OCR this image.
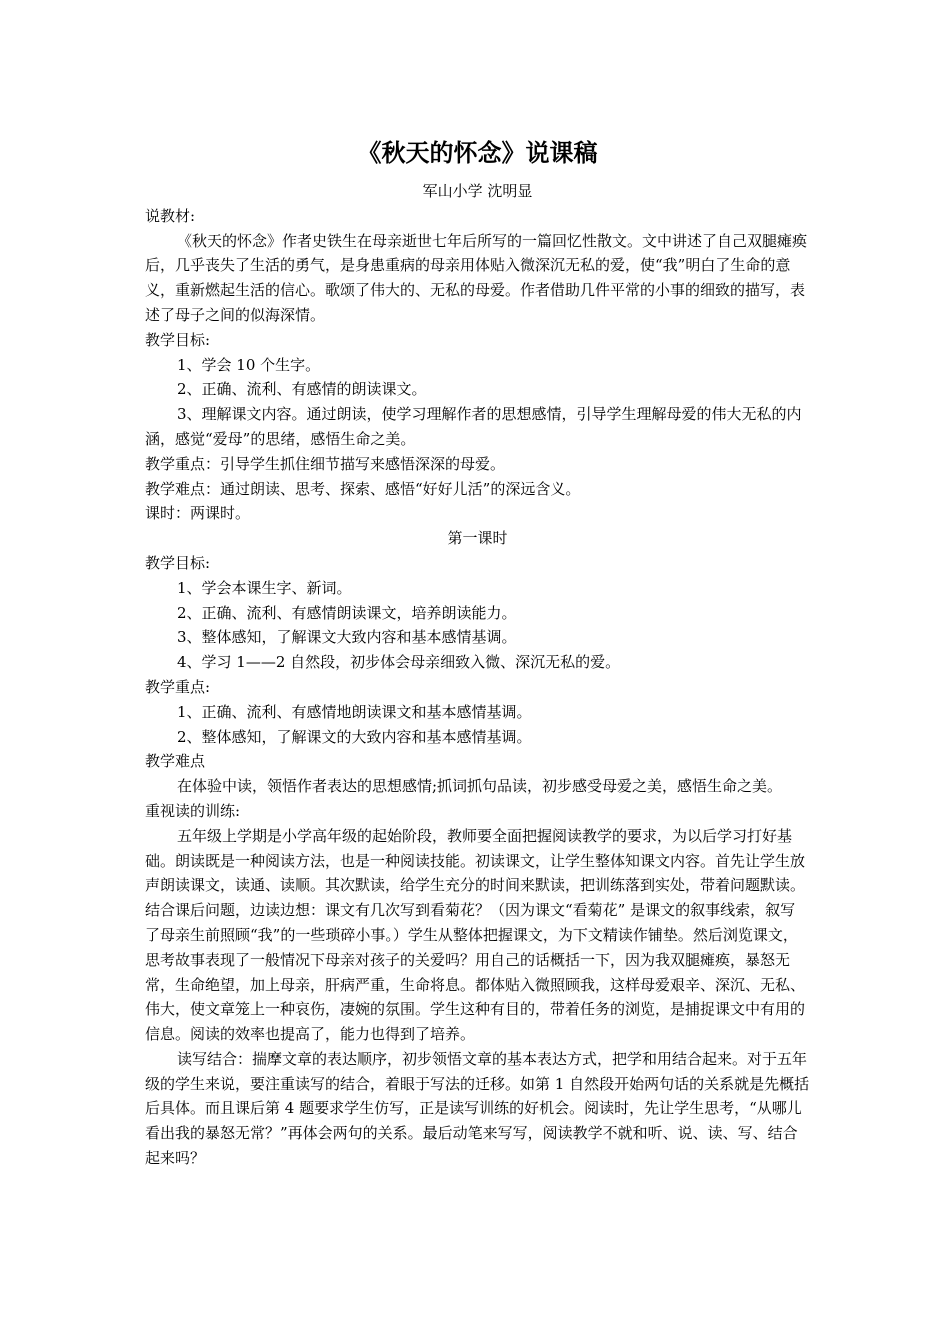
《秋天的怀念》说课稿

军山小学 沈明显

说教材:

《秋天的怀念》作者史铁生在母亲逝世七年后所写的一篇回忆性散文。文中讲述了自己双腿瘫痪后，几乎丧失了生活的勇气，是身患重病的母亲用体贴入微深沉无私的爱，使“我”明白了生命的意义，重新燃起生活的信心。歌颂了伟大的、无私的母爱。作者借助几件平常的小事的细致的描写，表述了母子之间的似海深情。

教学目标:

1、学会 10 个生字。

2、正确、流利、有感情的朗读课文。

3、理解课文内容。通过朗读，使学习理解作者的思想感情，引导学生理解母爱的伟大无私的内涵，感觉“爱母”的思绪，感悟生命之美。

教学重点：引导学生抓住细节描写来感悟深深的母爱。

教学难点：通过朗读、思考、探索、感悟“好好儿活”的深远含义。

课时：两课时。

第一课时

教学目标:

1、学会本课生字、新词。

2、正确、流利、有感情朗读课文，培养朗读能力。

3、整体感知，了解课文大致内容和基本感情基调。

4、学习 1——2 自然段，初步体会母亲细致入微、深沉无私的爱。

教学重点:

1、正确、流利、有感情地朗读课文和基本感情基调。

2、整体感知，了解课文的大致内容和基本感情基调。

教学难点

在体验中读，领悟作者表达的思想感情;抓词抓句品读，初步感受母爱之美，感悟生命之美。

重视读的训练:

五年级上学期是小学高年级的起始阶段，教师要全面把握阅读教学的要求，为以后学习打好基础。朗读既是一种阅读方法，也是一种阅读技能。初读课文，让学生整体知课文内容。首先让学生放声朗读课文，读通、读顺。其次默读，给学生充分的时间来默读，把训练落到实处，带着问题默读。结合课后问题，边读边想：课文有几次写到看菊花？（因为课文“看菊花” 是课文的叙事线索，叙写了母亲生前照顾“我”的一些琐碎小事。）学生从整体把握课文，为下文精读作铺垫。然后浏览课文，思考故事表现了一般情况下母亲对孩子的关爱吗？用自己的话概括一下，因为我双腿瘫痪，暴怒无常，生命绝望，加上母亲，肝病严重，生命将息。都体贴入微照顾我，这样母爱艰辛、深沉、无私、伟大，使文章笼上一种哀伤，凄婉的氛围。学生这种有目的，带着任务的浏览，是捕捉课文中有用的信息。阅读的效率也提高了，能力也得到了培养。

读写结合：揣摩文章的表达顺序，初步领悟文章的基本表达方式，把学和用结合起来。对于五年级的学生来说，要注重读写的结合，着眼于写法的迁移。如第 1 自然段开始两句话的关系就是先概括后具体。而且课后第 4 题要求学生仿写，正是读写训练的好机会。阅读时，先让学生思考，“从哪儿看出我的暴怒无常？”再体会两句的关系。最后动笔来写写，阅读教学不就和听、说、读、写、结合起来吗？
